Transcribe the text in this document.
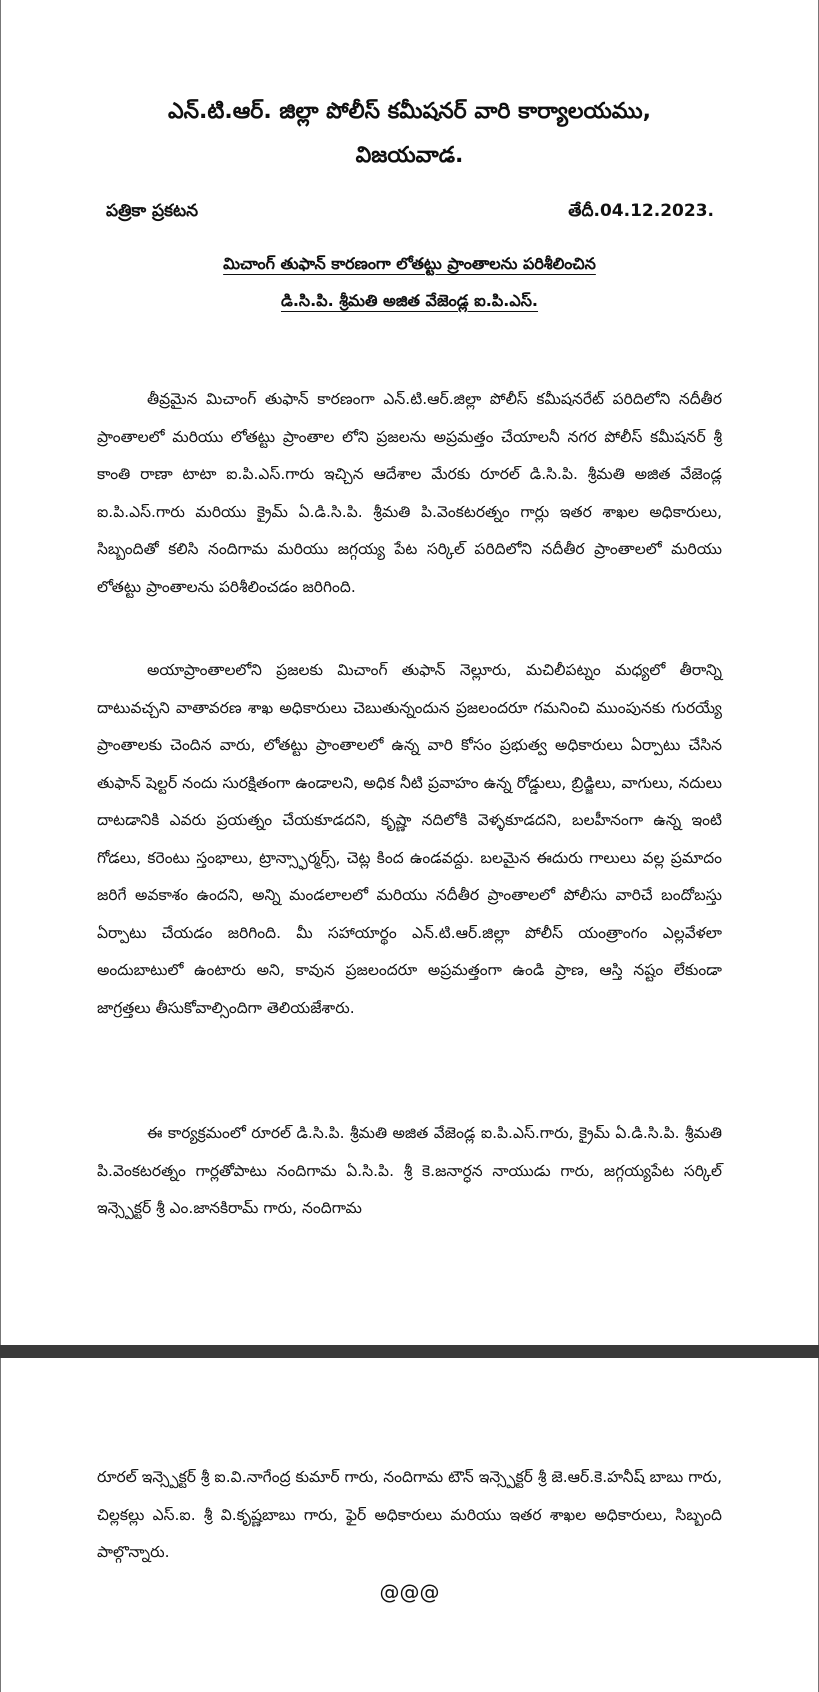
ఎన్.టి.ఆర్. జిల్లా పోలీస్ కమీషనర్ వారి కార్యాలయము,
విజయవాడ.
పత్రికా ప్రకటన	తేదీ.04.12.2023.
మిచాంగ్ తుఫాన్ కారణంగా లోతట్టు ప్రాంతాలను పరిశీలించిన
డి.సి.పి. శ్రీమతి అజిత వేజెండ్ల ఐ.పి.ఎస్.

తీవ్రమైన మిచాంగ్ తుఫాన్ కారణంగా ఎన్.టి.ఆర్.జిల్లా పోలీస్ కమీషనరేట్ పరిదిలోని నదీతీర ప్రాంతాలలో మరియు లోతట్టు ప్రాంతాల లోని ప్రజలను అప్రమత్తం చేయాలనీ నగర పోలీస్ కమీషనర్ శ్రీ కాంతి రాణా టాటా ఐ.పి.ఎస్.గారు ఇచ్చిన ఆదేశాల మేరకు రూరల్ డి.సి.పి. శ్రీమతి అజిత వేజెండ్ల ఐ.పి.ఎస్.గారు మరియు క్రైమ్ ఏ.డి.సి.పి. శ్రీమతి పి.వెంకటరత్నం గార్లు ఇతర శాఖల అధికారులు, సిబ్బందితో కలిసి నందిగామ మరియు జగ్గయ్య పేట సర్కిల్ పరిదిలోని నదీతీర ప్రాంతాలలో మరియు లోతట్టు ప్రాంతాలను పరిశీలించడం జరిగింది.

అయాప్రాంతాలలోని ప్రజలకు మిచాంగ్ తుఫాన్ నెల్లూరు, మచిలీపట్నం మధ్యలో తీరాన్ని దాటువచ్చని వాతావరణ శాఖ అధికారులు చెబుతున్నందున ప్రజలందరూ గమనించి ముంపునకు గురయ్యే ప్రాంతాలకు చెందిన వారు, లోతట్టు ప్రాంతాలలో ఉన్న వారి కోసం ప్రభుత్వ అధికారులు ఏర్పాటు చేసిన తుఫాన్ షెల్టర్ నందు సురక్షితంగా ఉండాలని, అధిక నీటి ప్రవాహం ఉన్న రోడ్డులు, బ్రిడ్జిలు, వాగులు, నదులు దాటడానికి ఎవరు ప్రయత్నం చేయకూడదని, కృష్ణా నదిలోకి వెళ్ళకూడదని, బలహీనంగా ఉన్న ఇంటి గోడలు, కరెంటు స్తంభాలు, ట్రాన్స్ఫార్మర్స్, చెట్ల కింద ఉండవద్దు. బలమైన ఈదురు గాలులు వల్ల ప్రమాదం జరిగే అవకాశం ఉందని, అన్ని మండలాలలో మరియు నదీతీర ప్రాంతాలలో పోలీసు వారిచే బందోబస్తు ఏర్పాటు చేయడం జరిగింది. మీ సహాయార్థం ఎన్.టి.ఆర్.జిల్లా పోలీస్ యంత్రాంగం ఎల్లవేళలా అందుబాటులో ఉంటారు అని, కావున ప్రజలందరూ అప్రమత్తంగా ఉండి ప్రాణ, ఆస్తి నష్టం లేకుండా జాగ్రత్తలు తీసుకోవాల్సిందిగా తెలియజేశారు.

ఈ కార్యక్రమంలో రూరల్ డి.సి.పి. శ్రీమతి అజిత వేజెండ్ల ఐ.పి.ఎస్.గారు, క్రైమ్ ఏ.డి.సి.పి. శ్రీమతి పి.వెంకటరత్నం గార్లతోపాటు నందిగామ ఏ.సి.పి. శ్రీ కె.జనార్ధన నాయుడు గారు, జగ్గయ్యపేట సర్కిల్ ఇన్స్పెక్టర్ శ్రీ ఎం.జానకిరామ్ గారు, నందిగామ

రూరల్ ఇన్స్పెక్టర్ శ్రీ ఐ.వి.నాగేంద్ర కుమార్ గారు, నందిగామ టౌన్ ఇన్స్పెక్టర్ శ్రీ జె.ఆర్.కె.హనీష్ బాబు గారు, చిల్లకల్లు ఎస్.ఐ. శ్రీ వి.కృష్ణబాబు గారు, ఫైర్ అధికారులు మరియు ఇతర శాఖల అధికారులు, సిబ్బంది పాల్గొన్నారు.

@@@
